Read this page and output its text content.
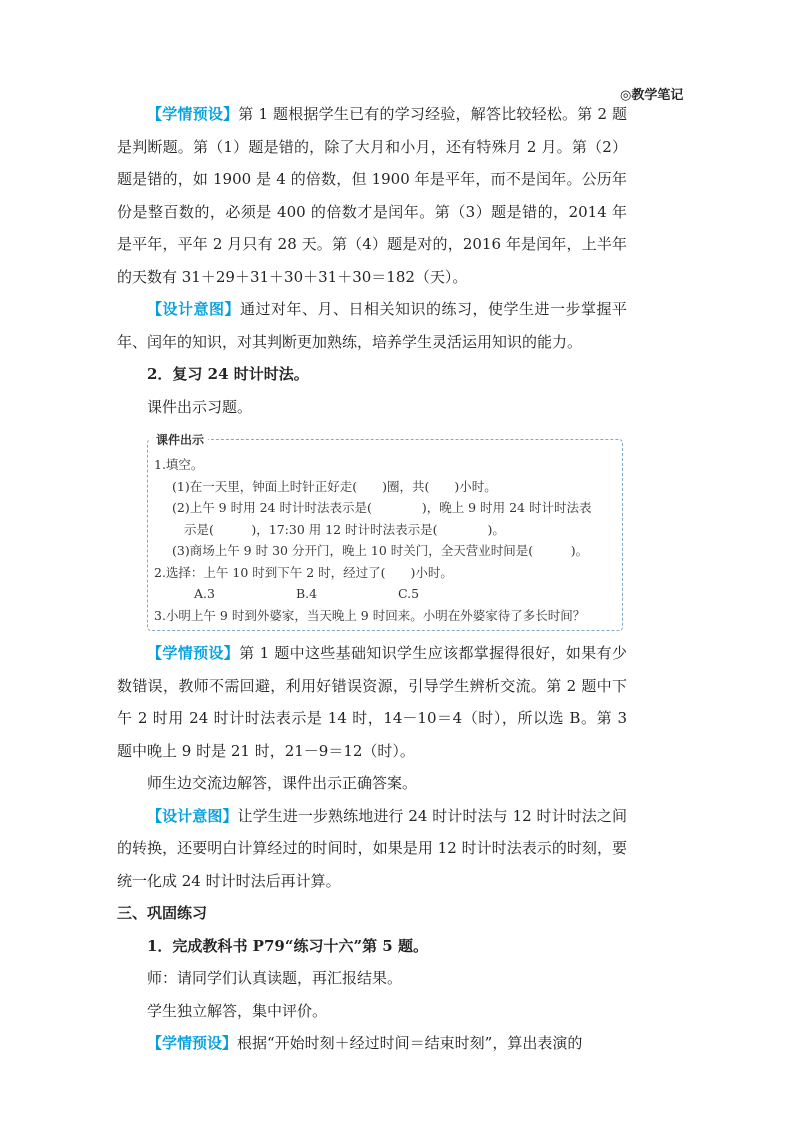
◎教学笔记

【学情预设】第 1 题根据学生已有的学习经验，解答比较轻松。第 2 题是判断题。第（1）题是错的，除了大月和小月，还有特殊月 2 月。第（2）题是错的，如 1900 是 4 的倍数，但 1900 年是平年，而不是闰年。公历年份是整百数的，必须是 400 的倍数才是闰年。第（3）题是错的，2014 年是平年，平年 2 月只有 28 天。第（4）题是对的，2016 年是闰年，上半年的天数有 31＋29＋31＋30＋31＋30＝182（天）。

【设计意图】通过对年、月、日相关知识的练习，使学生进一步掌握平年、闰年的知识，对其判断更加熟练，培养学生灵活运用知识的能力。

2．复习 24 时计时法。

课件出示习题。

课件出示

1.填空。

(1)在一天里，钟面上时针正好走(　　)圈，共(　　)小时。

(2)上午 9 时用 24 时计时法表示是(　　　　)，晚上 9 时用 24 时计时法表

示是(　　　)，17:30 用 12 时计时法表示是(　　　　)。

(3)商场上午 9 时 30 分开门，晚上 10 时关门，全天营业时间是(　　　)。

2.选择：上午 10 时到下午 2 时，经过了(　　)小时。

A.3	B.4	C.5

3.小明上午 9 时到外婆家，当天晚上 9 时回来。小明在外婆家待了多长时间？

【学情预设】第 1 题中这些基础知识学生应该都掌握得很好，如果有少数错误，教师不需回避，利用好错误资源，引导学生辨析交流。第 2 题中下午 2 时用 24 时计时法表示是 14 时，14－10＝4（时），所以选 B。第 3 题中晚上 9 时是 21 时，21－9＝12（时）。

师生边交流边解答，课件出示正确答案。

【设计意图】让学生进一步熟练地进行 24 时计时法与 12 时计时法之间的转换，还要明白计算经过的时间时，如果是用 12 时计时法表示的时刻，要统一化成 24 时计时法后再计算。

三、巩固练习

1．完成教科书 P79“练习十六”第 5 题。

师：请同学们认真读题，再汇报结果。

学生独立解答，集中评价。

【学情预设】根据“开始时刻＋经过时间＝结束时刻”，算出表演的
